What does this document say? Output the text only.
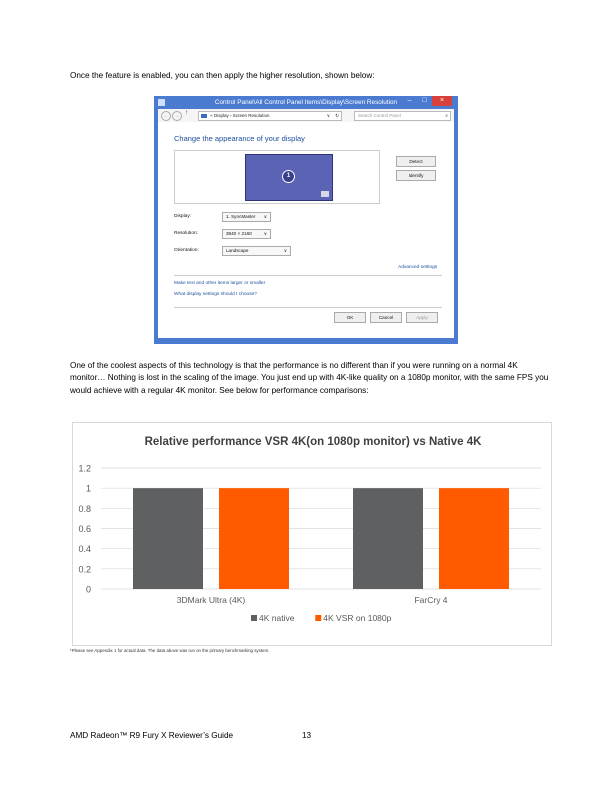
Once the feature is enabled, you can then apply the higher resolution, shown below:
Control Panel\All Control Panel Items\Display\Screen Resolution	–	□	×
←	→ ↑	« Display › Screen Resolution	∨ ↻	Search Control Panel	⌕
Change the appearance of your display
1
Detect
Identify
Display:	1. SyncMaster ∨
Resolution:	3840 × 2160	∨
Orientation:	Landscape	∨
Advanced settings
Make text and other items larger or smaller
What display settings should I choose?
OK	Cancel	Apply
One of the coolest aspects of this technology is that the performance is no different than if you were running on a normal 4K monitor… Nothing is lost in the scaling of the image. You just end up with 4K-like quality on a 1080p monitor, with the same FPS you would achieve with a regular 4K monitor. See below for performance comparisons:
Relative performance VSR 4K(on 1080p monitor) vs Native 4K
0
0.2
0.4
0.6
0.8
1
1.2
3DMark Ultra (4K)	FarCry 4
4K native	4K VSR on 1080p
*Please see Appendix 1 for actual data. The data above was run on the primary benchmarking system.
AMD Radeon™ R9 Fury X Reviewer’s Guide	13
